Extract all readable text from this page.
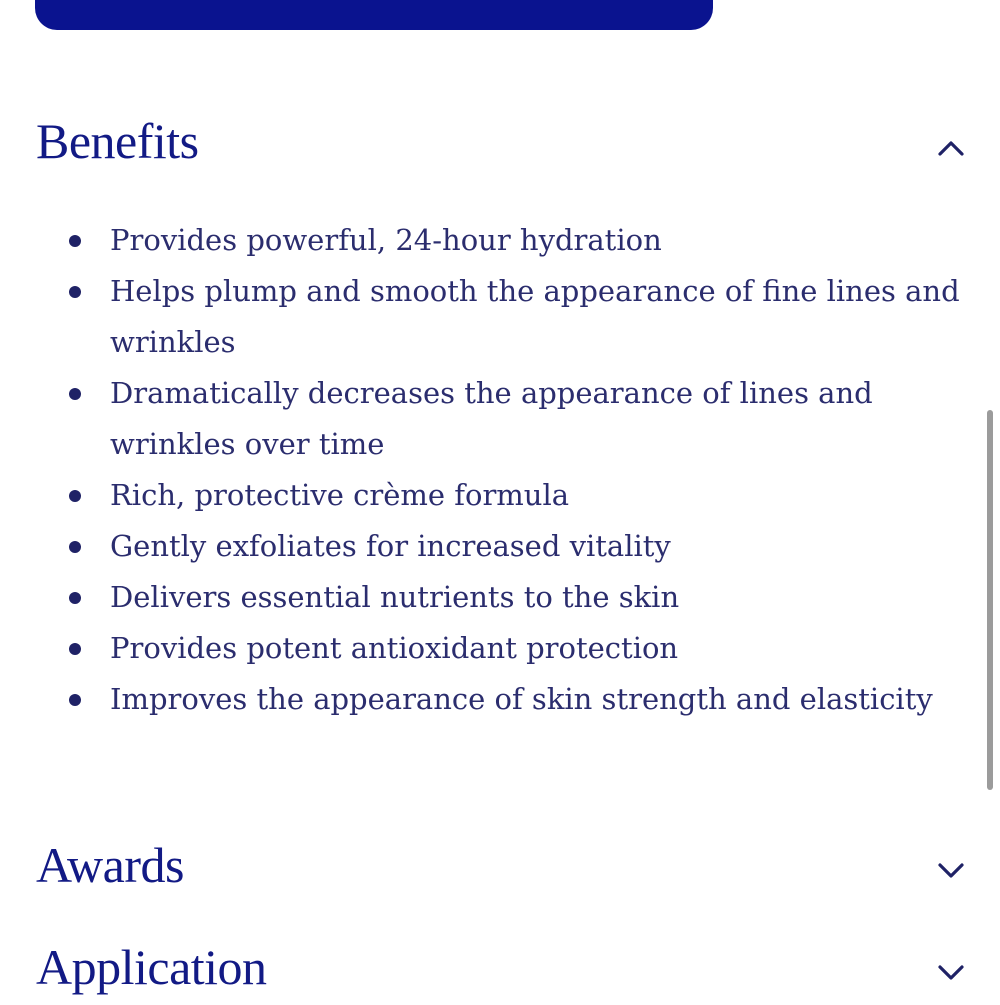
Benefits
Provides powerful, 24-hour hydration
Helps plump and smooth the appearance of fine lines and wrinkles
Dramatically decreases the appearance of lines and wrinkles over time
Rich, protective crème formula
Gently exfoliates for increased vitality
Delivers essential nutrients to the skin
Provides potent antioxidant protection
Improves the appearance of skin strength and elasticity
Awards
Application
